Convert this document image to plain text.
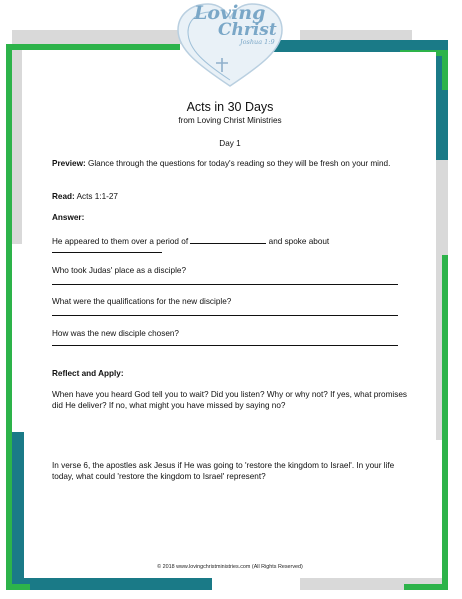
Loving
Christ
Joshua 1:9
Acts in 30 Days
from Loving Christ Ministries
Day 1
Preview: Glance through the questions for today's reading so they will be fresh on your mind.
Read: Acts 1:1-27
Answer:
He appeared to them over a period of	and spoke about
Who took Judas' place as a disciple?
What were the qualifications for the new disciple?
How was the new disciple chosen?
Reflect and Apply:
When have you heard God tell you to wait? Did you listen? Why or why not? If yes, what promises did He deliver? If no, what might you have missed by saying no?
In verse 6, the apostles ask Jesus if He was going to 'restore the kingdom to Israel'. In your life today, what could 'restore the kingdom to Israel' represent?
© 2018 www.lovingchristministries.com (All Rights Reserved)
